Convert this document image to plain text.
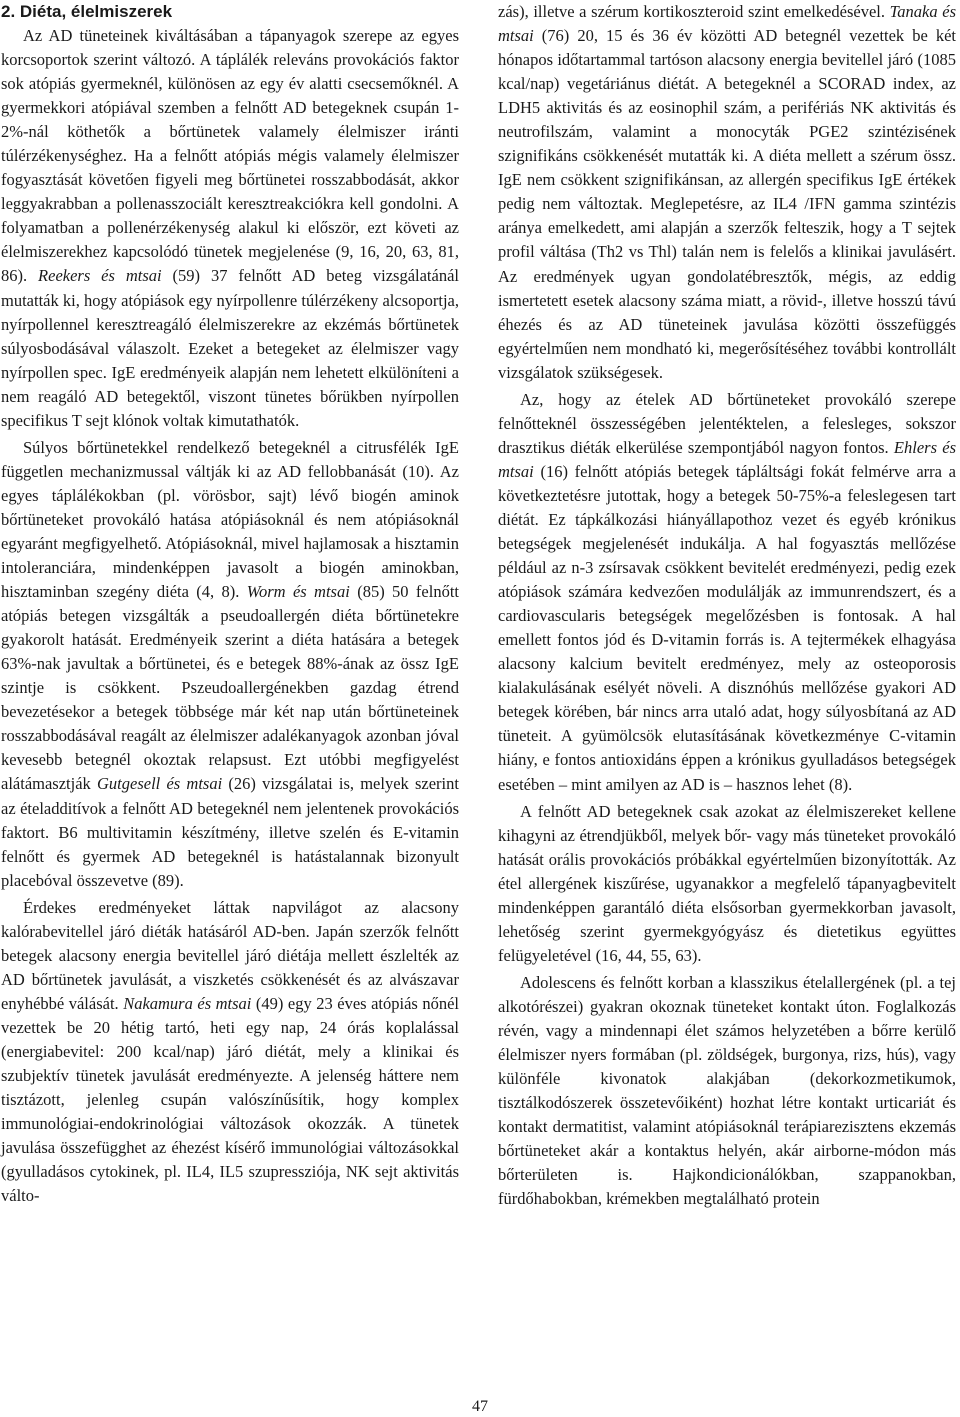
2. Diéta, élelmiszerek

Az AD tüneteinek kiváltásában a tápanyagok szerepe az egyes korcsoportok szerint változó. A táplálék releváns provokációs faktor sok atópiás gyermeknél, különösen az egy év alatti csecsemőknél. A gyermekkori atópiával szemben a felnőtt AD betegeknek csupán 1-2%-nál köthetők a bőrtünetek valamely élelmiszer iránti túlérzékenységhez. Ha a felnőtt atópiás mégis valamely élelmiszer fogyasztását követően figyeli meg bőrtünetei rosszabbodását, akkor leggyakrabban a pollenasszociált keresztreakciókra kell gondolni. A folyamatban a pollenérzékenység alakul ki először, ezt követi az élelmiszerekhez kapcsolódó tünetek megjelenése (9, 16, 20, 63, 81, 86). Reekers és mtsai (59) 37 felnőtt AD beteg vizsgálatánál mutatták ki, hogy atópiások egy nyírpollenre túlérzékeny alcsoportja, nyírpollennel keresztreagáló élelmiszerekre az ekzémás bőrtünetek súlyosbodásával válaszolt. Ezeket a betegeket az élelmiszer vagy nyírpollen spec. IgE eredményeik alapján nem lehetett elkülöníteni a nem reagáló AD betegektől, viszont tünetes bőrükben nyírpollen specifikus T sejt klónok voltak kimutathatók.

Súlyos bőrtünetekkel rendelkező betegeknél a citrusfélék IgE független mechanizmussal váltják ki az AD fellobbanását (10). Az egyes táplálékokban (pl. vörösbor, sajt) lévő biogén aminok bőrtüneteket provokáló hatása atópiásoknál és nem atópiásoknál egyaránt megfigyelhető. Atópiásoknál, mivel hajlamosak a hisztamin intoleranciára, mindenképpen javasolt a biogén aminokban, hisztaminban szegény diéta (4, 8). Worm és mtsai (85) 50 felnőtt atópiás betegen vizsgálták a pseudoallergén diéta bőrtünetekre gyakorolt hatását. Eredményeik szerint a diéta hatására a betegek 63%-nak javultak a bőrtünetei, és e betegek 88%-ának az össz IgE szintje is csökkent. Pszeudoallergénekben gazdag étrend bevezetésekor a betegek többsége már két nap után bőrtüneteinek rosszabbodásával reagált az élelmiszer adalékanyagok azonban jóval kevesebb betegnél okoztak relapsust. Ezt utóbbi megfigyelést alátámasztják Gutgesell és mtsai (26) vizsgálatai is, melyek szerint az ételadditívok a felnőtt AD betegeknél nem jelentenek provokációs faktort. B6 multivitamin készítmény, illetve szelén és E-vitamin felnőtt és gyermek AD betegeknél is hatástalannak bizonyult placebóval összevetve (89).

Érdekes eredményeket láttak napvilágot az alacsony kalórabevitellel járó diéták hatásáról AD-ben. Japán szerzők felnőtt betegek alacsony energia bevitellel járó diétája mellett észlelték az AD bőrtünetek javulását, a viszketés csökkenését és az alvászavar enyhébbé válását. Nakamura és mtsai (49) egy 23 éves atópiás nőnél vezettek be 20 hétig tartó, heti egy nap, 24 órás koplalással (energiabevitel: 200 kcal/nap) járó diétát, mely a klinikai és szubjektív tünetek javulását eredményezte. A jelenség háttere nem tisztázott, jelenleg csupán valószínűsítik, hogy komplex immunológiai-endokrinológiai változások okozzák. A tünetek javulása összefügghet az éhezést kísérő immunológiai változásokkal (gyulladásos cytokinek, pl. IL4, IL5 szupressziója, NK sejt aktivitás válto-

zás), illetve a szérum kortikoszteroid szint emelkedésével. Tanaka és mtsai (76) 20, 15 és 36 év közötti AD betegnél vezettek be két hónapos időtartammal tartóson alacsony energia bevitellel járó (1085 kcal/nap) vegetáriánus diétát. A betegeknél a SCORAD index, az LDH5 aktivitás és az eosinophil szám, a perifériás NK aktivitás és neutrofilszám, valamint a monocyták PGE2 szintézisének szignifikáns csökkenését mutatták ki. A diéta mellett a szérum össz. IgE nem csökkent szignifikánsan, az allergén specifikus IgE értékek pedig nem változtak. Meglepetésre, az IL4 /IFN gamma szintézis aránya emelkedett, ami alapján a szerzők felteszik, hogy a T sejtek profil váltása (Th2 vs Thl) talán nem is felelős a klinikai javulásért. Az eredmények ugyan gondolatébresztők, mégis, az eddig ismertetett esetek alacsony száma miatt, a rövid-, illetve hosszú távú éhezés és az AD tüneteinek javulása közötti összefüggés egyértelműen nem mondható ki, megerősítéséhez további kontrollált vizsgálatok szükségesek.

Az, hogy az ételek AD bőrtüneteket provokáló szerepe felnőtteknél összességében jelentéktelen, a felesleges, sokszor drasztikus diéták elkerülése szempontjából nagyon fontos. Ehlers és mtsai (16) felnőtt atópiás betegek tápláltsági fokát felmérve arra a következtetésre jutottak, hogy a betegek 50-75%-a feleslegesen tart diétát. Ez tápkálkozási hiányállapothoz vezet és egyéb krónikus betegségek megjelenését indukálja. A hal fogyasztás mellőzése például az n-3 zsírsavak csökkent bevitelét eredményezi, pedig ezek atópiások számára kedvezően modulálják az immunrendszert, és a cardiovascularis betegségek megelőzésben is fontosak. A hal emellett fontos jód és D-vitamin forrás is. A tejtermékek elhagyása alacsony kalcium bevitelt eredményez, mely az osteoporosis kialakulásának esélyét növeli. A disznóhús mellőzése gyakori AD betegek körében, bár nincs arra utaló adat, hogy súlyosbítaná az AD tüneteit. A gyümölcsök elutasításának következménye C-vitamin hiány, e fontos antioxidáns éppen a krónikus gyulladásos betegségek esetében – mint amilyen az AD is – hasznos lehet (8).

A felnőtt AD betegeknek csak azokat az élelmiszereket kellene kihagyni az étrendjükből, melyek bőr- vagy más tüneteket provokáló hatását orális provokációs próbákkal egyértelműen bizonyították. Az étel allergének kiszűrése, ugyanakkor a megfelelő tápanyagbevitelt mindenképpen garantáló diéta elsősorban gyermekkorban javasolt, lehetőség szerint gyermekgyógyász és dietetikus együttes felügyeletével (16, 44, 55, 63).

Adolescens és felnőtt korban a klasszikus ételallergének (pl. a tej alkotórészei) gyakran okoznak tüneteket kontakt úton. Foglalkozás révén, vagy a mindennapi élet számos helyzetében a bőrre kerülő élelmiszer nyers formában (pl. zöldségek, burgonya, rizs, hús), vagy különféle kivonatok alakjában (dekorkozmetikumok, tisztálkodószerek összetevőiként) hozhat létre kontakt urticariát és kontakt dermatitist, valamint atópiásoknál terápiarezisztens ekzemás bőrtüneteket akár a kontaktus helyén, akár airborne-módon más bőrterületen is. Hajkondicionálókban, szappanokban, fürdőhabokban, krémekben megtalálható protein

47
